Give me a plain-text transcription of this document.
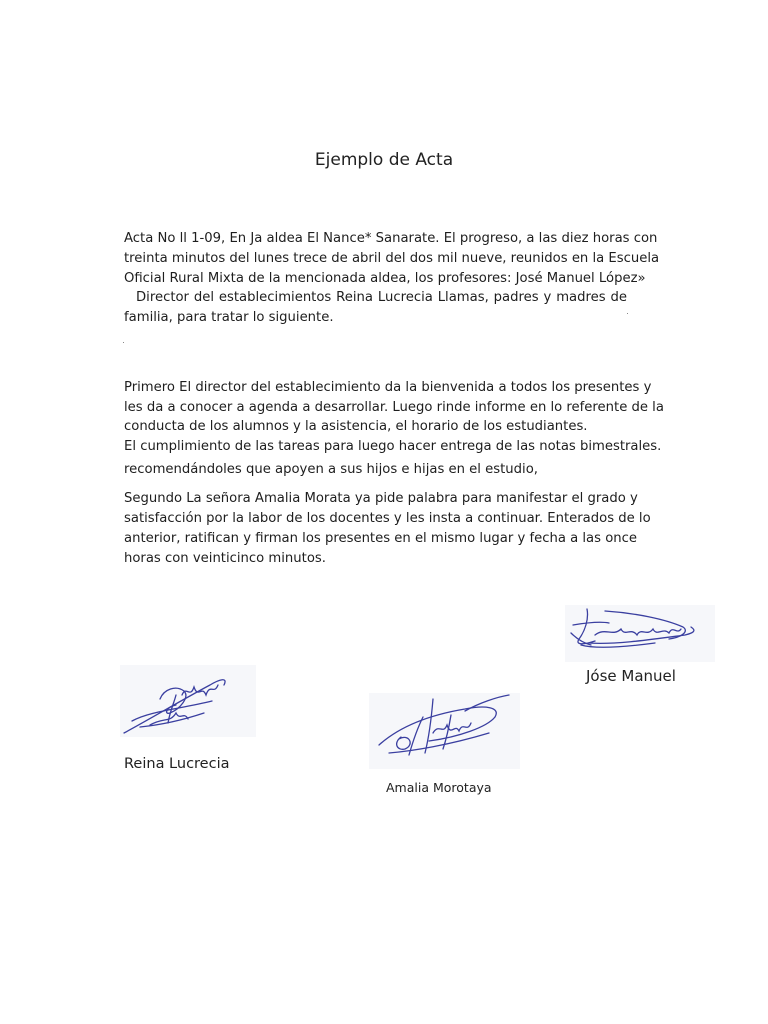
Ejemplo de Acta
Acta No ll 1-09, En Ja aldea El Nance* Sanarate. El progreso, a las diez horas con
treinta minutos del lunes trece de abril del dos mil nueve, reunidos en la Escuela
Oficial Rural Mixta de la mencionada aldea, los profesores: José Manuel López»
Director del establecimientos Reina Lucrecia Llamas, padres y madres de
familia, para tratar lo siguiente.
Primero El director del establecimiento da la bienvenida a todos los presentes y
les da a conocer a agenda a desarrollar. Luego rinde informe en lo referente de la
conducta de los alumnos y la asistencia, el horario de los estudiantes.
El cumplimiento de las tareas para luego hacer entrega de las notas bimestrales.
recomendándoles que apoyen a sus hijos e hijas en el estudio,
Segundo La señora Amalia Morata ya pide palabra para manifestar el grado y
satisfacción por la labor de los docentes y les insta a continuar. Enterados de lo
anterior, ratifican y firman los presentes en el mismo lugar y fecha a las once
horas con veinticinco minutos.
Jóse Manuel
Reina Lucrecia
Amalia Morotaya
